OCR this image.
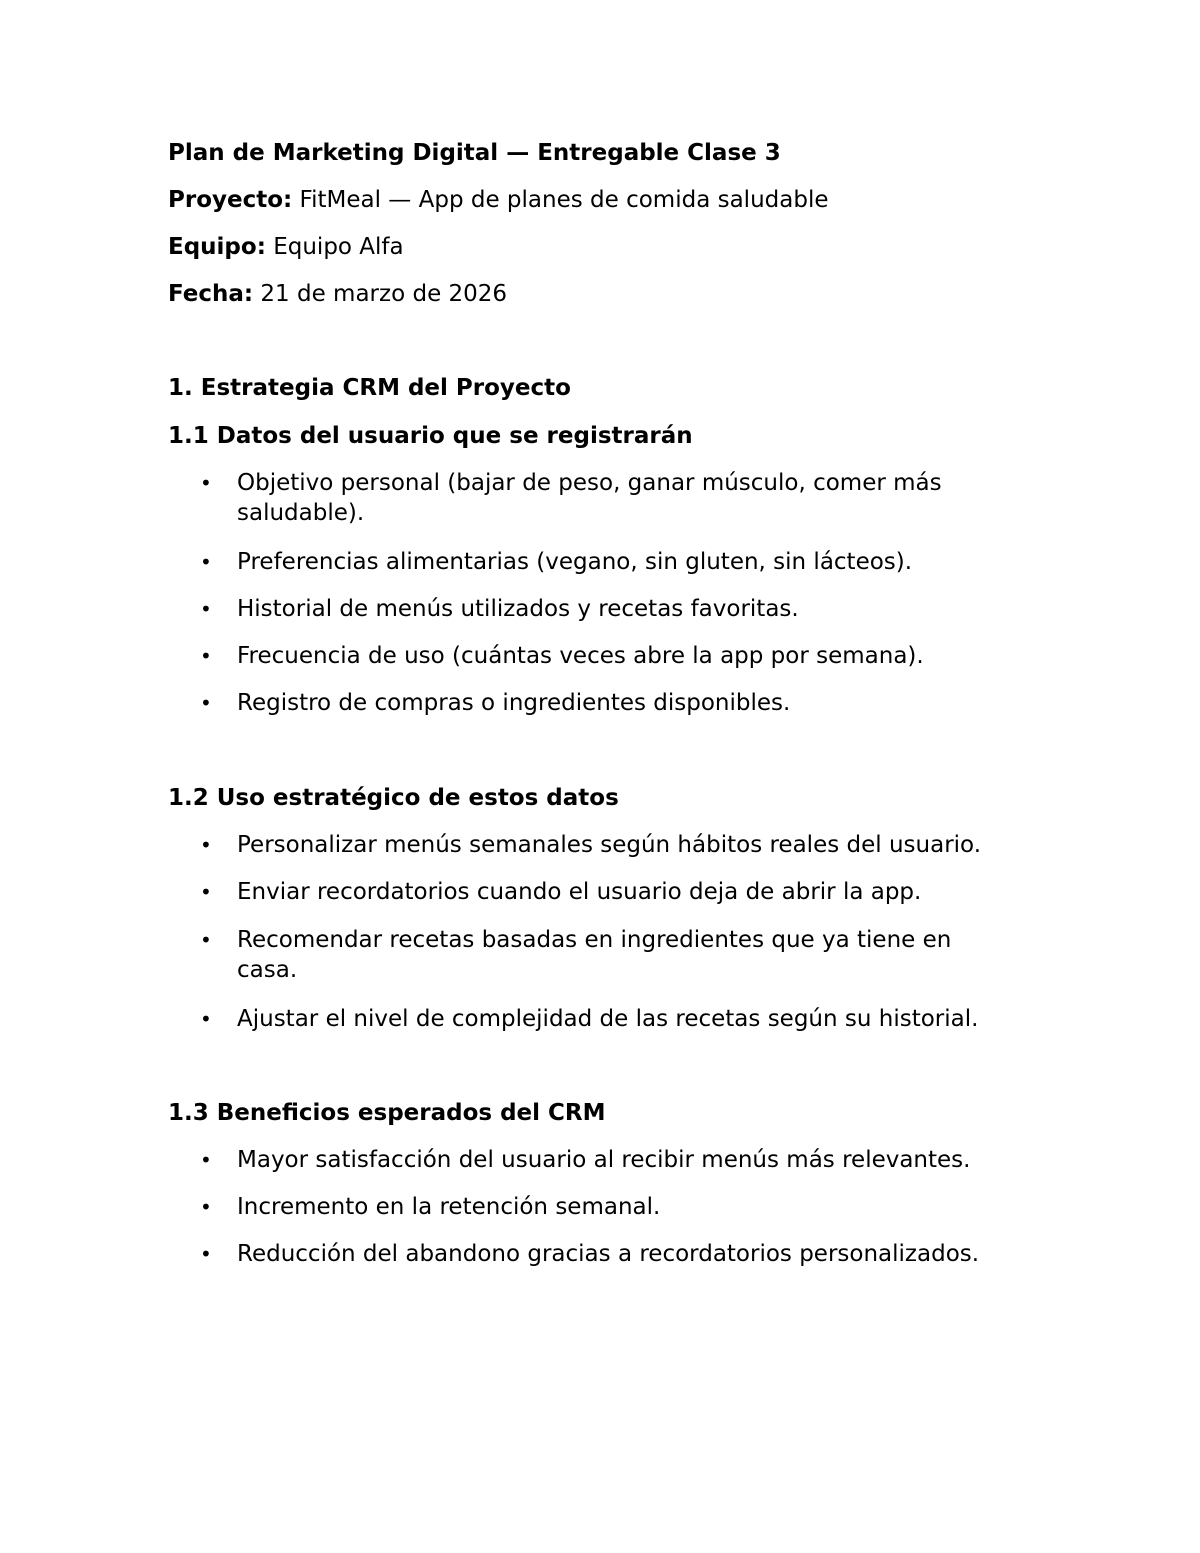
Plan de Marketing Digital — Entregable Clase 3
Proyecto: FitMeal — App de planes de comida saludable
Equipo: Equipo Alfa
Fecha: 21 de marzo de 2026
1. Estrategia CRM del Proyecto
1.1 Datos del usuario que se registrarán
• Objetivo personal (bajar de peso, ganar músculo, comer más saludable).
• Preferencias alimentarias (vegano, sin gluten, sin lácteos).
• Historial de menús utilizados y recetas favoritas.
• Frecuencia de uso (cuántas veces abre la app por semana).
• Registro de compras o ingredientes disponibles.
1.2 Uso estratégico de estos datos
• Personalizar menús semanales según hábitos reales del usuario.
• Enviar recordatorios cuando el usuario deja de abrir la app.
• Recomendar recetas basadas en ingredientes que ya tiene en casa.
• Ajustar el nivel de complejidad de las recetas según su historial.
1.3 Beneficios esperados del CRM
• Mayor satisfacción del usuario al recibir menús más relevantes.
• Incremento en la retención semanal.
• Reducción del abandono gracias a recordatorios personalizados.
